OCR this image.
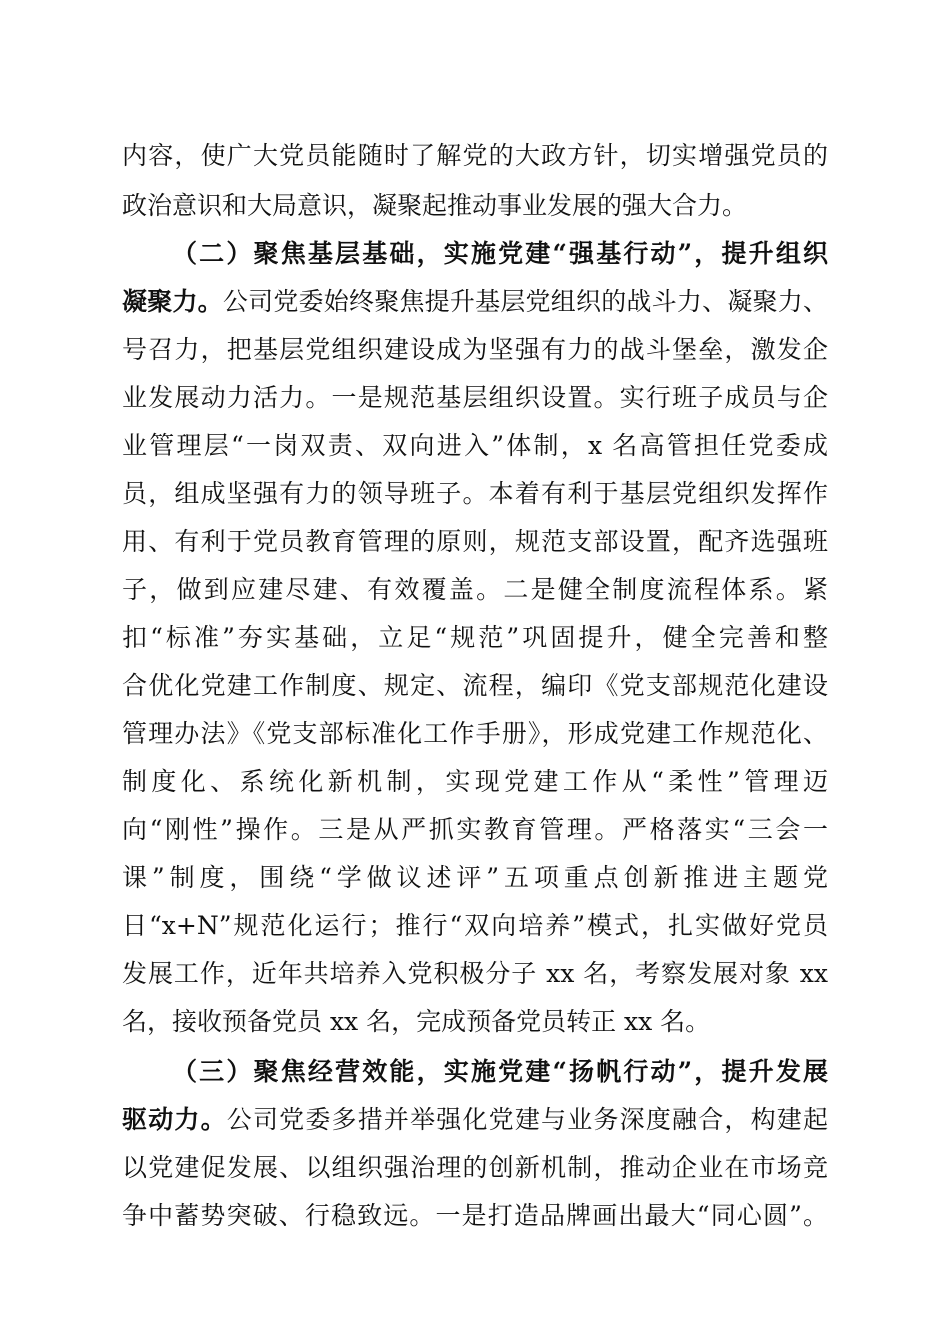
内容，使广大党员能随时了解党的大政方针，切实增强党员的
政治意识和大局意识，凝聚起推动事业发展的强大合力。
（二）聚焦基层基础，实施党建“强基行动”，提升组织
凝聚力。公司党委始终聚焦提升基层党组织的战斗力、凝聚力、
号召力，把基层党组织建设成为坚强有力的战斗堡垒，激发企
业发展动力活力。一是规范基层组织设置。实行班子成员与企
业管理层“一岗双责、双向进入”体制，x 名高管担任党委成
员，组成坚强有力的领导班子。本着有利于基层党组织发挥作
用、有利于党员教育管理的原则，规范支部设置，配齐选强班
子，做到应建尽建、有效覆盖。二是健全制度流程体系。紧
扣“标准”夯实基础，立足“规范”巩固提升，健全完善和整
合优化党建工作制度、规定、流程，编印《党支部规范化建设
管理办法》《党支部标准化工作手册》，形成党建工作规范化、
制度化、系统化新机制，实现党建工作从“柔性”管理迈
向“刚性”操作。三是从严抓实教育管理。严格落实“三会一
课”制度，围绕“学做议述评”五项重点创新推进主题党
日“x+N”规范化运行；推行“双向培养”模式，扎实做好党员
发展工作，近年共培养入党积极分子 xx 名，考察发展对象 xx
名，接收预备党员 xx 名，完成预备党员转正 xx 名。
（三）聚焦经营效能，实施党建“扬帆行动”，提升发展
驱动力。公司党委多措并举强化党建与业务深度融合，构建起
以党建促发展、以组织强治理的创新机制，推动企业在市场竞
争中蓄势突破、行稳致远。一是打造品牌画出最大“同心圆”。
